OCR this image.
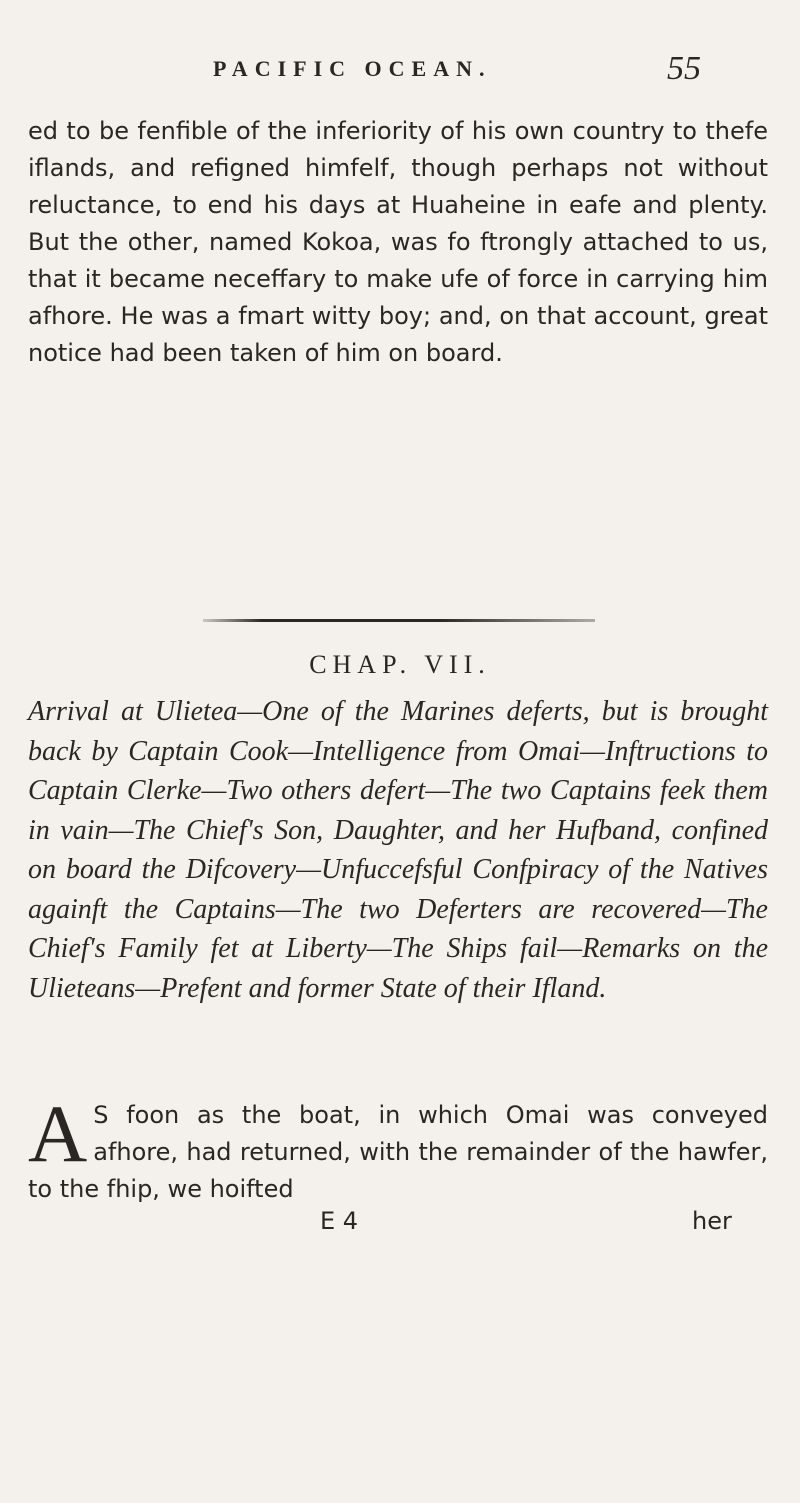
PACIFIC OCEAN.	55

ed to be fenfible of the inferiority of his own country to thefe iflands, and refigned himfelf, though perhaps not without reluctance, to end his days at Huaheine in eafe and plenty. But the other, named Kokoa, was fo ftrongly attached to us, that it became neceffary to make ufe of force in carrying him afhore. He was a fmart witty boy; and, on that account, great notice had been taken of him on board.

CHAP. VII.
Arrival at Ulietea—One of the Marines deferts, but is brought back by Captain Cook—Intelligence from Omai—Inftructions to Captain Clerke—Two others defert—The two Captains feek them in vain—The Chief's Son, Daughter, and her Hufband, confined on board the Difcovery—Unfuccefsful Confpiracy of the Natives againft the Captains—The two Deferters are recovered—The Chief's Family fet at Liberty—The Ships fail—Remarks on the Ulieteans—Prefent and former State of their Ifland.
A S foon as the boat, in which Omai was conveyed afhore, had returned, with the remainder of the hawfer, to the fhip, we hoifted

E 4	her
